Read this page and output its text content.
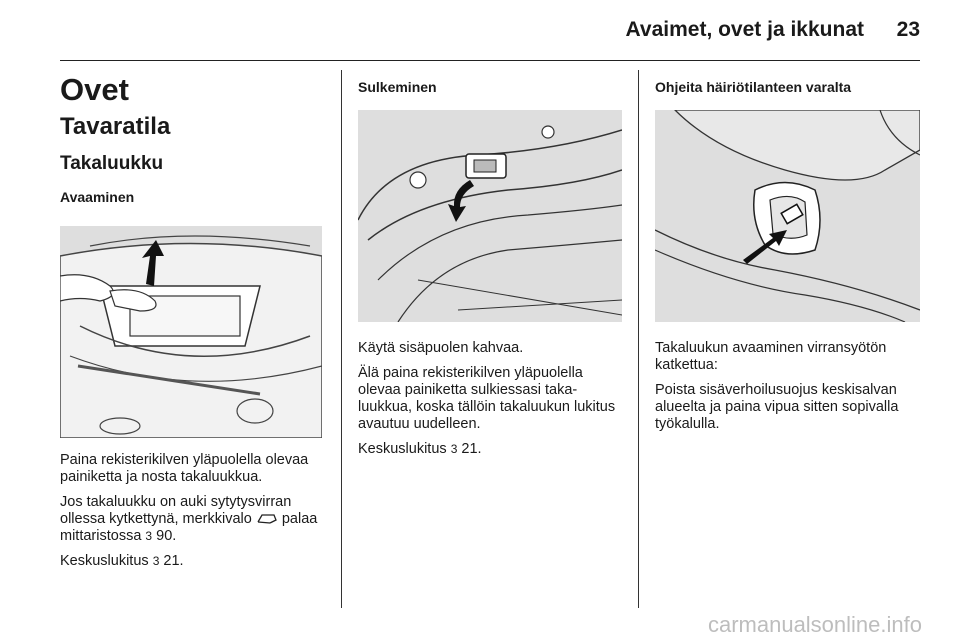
Avaimet, ovet ja ikkunat 23
Ovet
Tavaratila
Takaluukku
Avaaminen

Paina rekisterikilven yläpuolella olevaa painiketta ja nosta takaluukkua.

Jos takaluukku on auki sytytysvirran ollessa kytkettynä, merkkivalo palaa mittaristossa 3 90.

Keskuslukitus 3 21.

Sulkeminen

Käytä sisäpuolen kahvaa.

Älä paina rekisterikilven yläpuolella olevaa painiketta sulkiessasi takaluukkua, koska tällöin takaluukun lukitus avautuu uudelleen.

Keskuslukitus 3 21.

Ohjeita häiriötilanteen varalta

Takaluukun avaaminen virransyötön katkettua:

Poista sisäverhoilusuojus keskisalvan alueelta ja paina vipua sitten sopivalla työkalulla.

carmanualsonline.info
